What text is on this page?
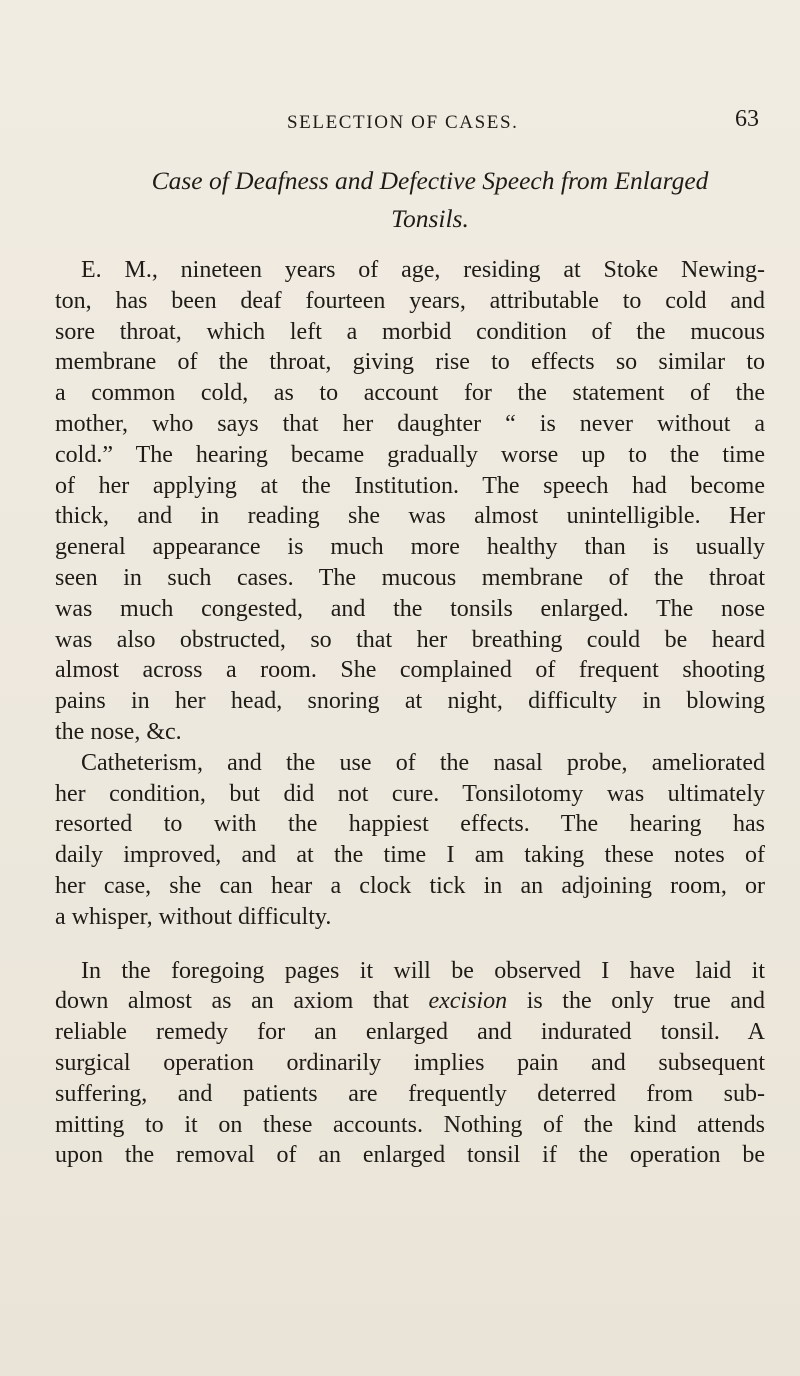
SELECTION OF CASES.	63
Case of Deafness and Defective Speech from Enlarged
Tonsils.
E. M., nineteen years of age, residing at Stoke Newing-
ton, has been deaf fourteen years, attributable to cold and
sore throat, which left a morbid condition of the mucous
membrane of the throat, giving rise to effects so similar to
a common cold, as to account for the statement of the
mother, who says that her daughter “ is never without a
cold.” The hearing became gradually worse up to the time
of her applying at the Institution. The speech had become
thick, and in reading she was almost unintelligible. Her
general appearance is much more healthy than is usually
seen in such cases. The mucous membrane of the throat
was much congested, and the tonsils enlarged. The nose
was also obstructed, so that her breathing could be heard
almost across a room. She complained of frequent shooting
pains in her head, snoring at night, difficulty in blowing
the nose, &c.
Catheterism, and the use of the nasal probe, ameliorated
her condition, but did not cure. Tonsilotomy was ultimately
resorted to with the happiest effects. The hearing has
daily improved, and at the time I am taking these notes of
her case, she can hear a clock tick in an adjoining room, or
a whisper, without difficulty.
In the foregoing pages it will be observed I have laid it
down almost as an axiom that excision is the only true and
reliable remedy for an enlarged and indurated tonsil. A
surgical operation ordinarily implies pain and subsequent
suffering, and patients are frequently deterred from sub-
mitting to it on these accounts. Nothing of the kind attends
upon the removal of an enlarged tonsil if the operation be
